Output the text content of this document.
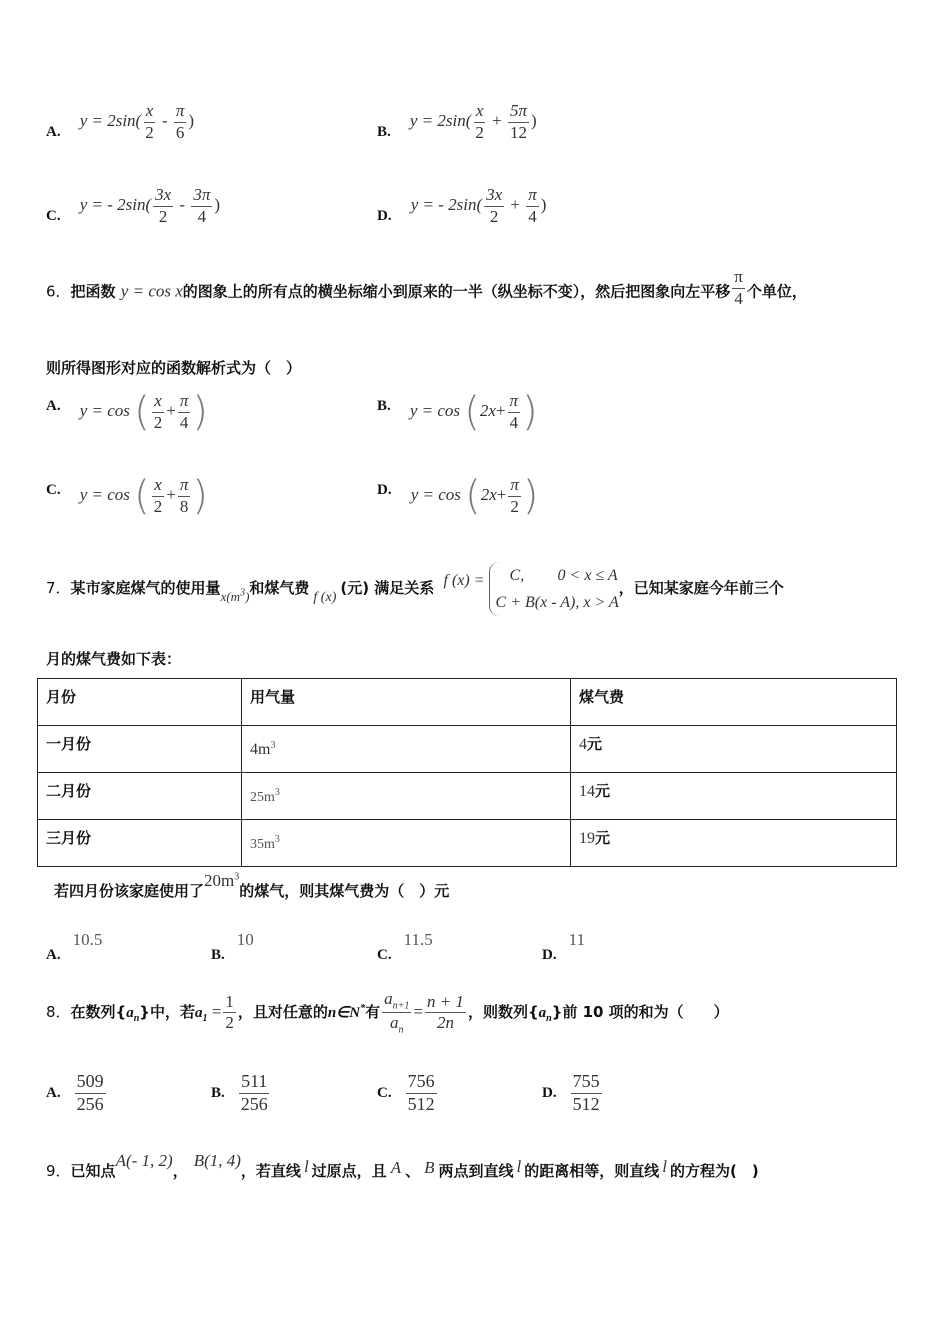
A. $y = 2\sin( \frac{x}{2} - \frac{\pi}{6}$ )
B. $y = 2\sin( \frac{x}{2} + \frac{5\pi}{12}$ )
C. y = - $2\sin( \frac{3x}{2} - \frac{3\pi}{4}$ )
D. y = - $2\sin( \frac{3x}{2} + \frac{\pi}{4}$ )
6．把函数 y = cos x的图象上的所有点的横坐标缩小到原来的一半（纵坐标不变），然后把图象向左平移 $\frac{\pi}{4}$ 个单位，
则所得图形对应的函数解析式为（　）
A. y = cos ( $\frac{x}{2} + \frac{\pi}{4}$ )	B. $y = \cos (2x+ \frac{\pi}{4}$ )
C. y = cos ( $\frac{x}{2} + \frac{\pi}{8}$ )	D. $y = \cos (2x+ \frac{\pi}{2}$ )
7．某市家庭煤气的使用量$x(m^3)$和煤气费f (x)(元) 满足关系 f (x) = C, 0 < x ≤ A
C + B(x - A), x > A，已知某家庭今年前三个
月的煤气费如下表：
月份	用气量	煤气费
一月份	$4m^3$	4元
二月份	$25m^3$	14元
三月份	$35m^3$	19元
若四月份该家庭使用了$20m^3$的煤气，则其煤气费为（　）元
A.10.5
B.10
C.11.5
D.11
8．在数列$\{a_n\}$中，若$a_1 = \frac{1}{2}$ ，且对任意的n∈N*有 $\frac{a_{n+1}}{a_n} = \frac{n + 1}{2n}$ ，则数列$\{a_n\}$前 10 项的和为（　　）
A. $\frac{509}{256}$	B. $\frac{511}{256}$	C. $\frac{756}{512}$	D. $\frac{755}{512}$
9．已知点A(- 1, 2)，B(1, 4)，若直线 l 过原点，且 A 、 B 两点到直线 l 的距离相等，则直线 l 的方程为(　)
